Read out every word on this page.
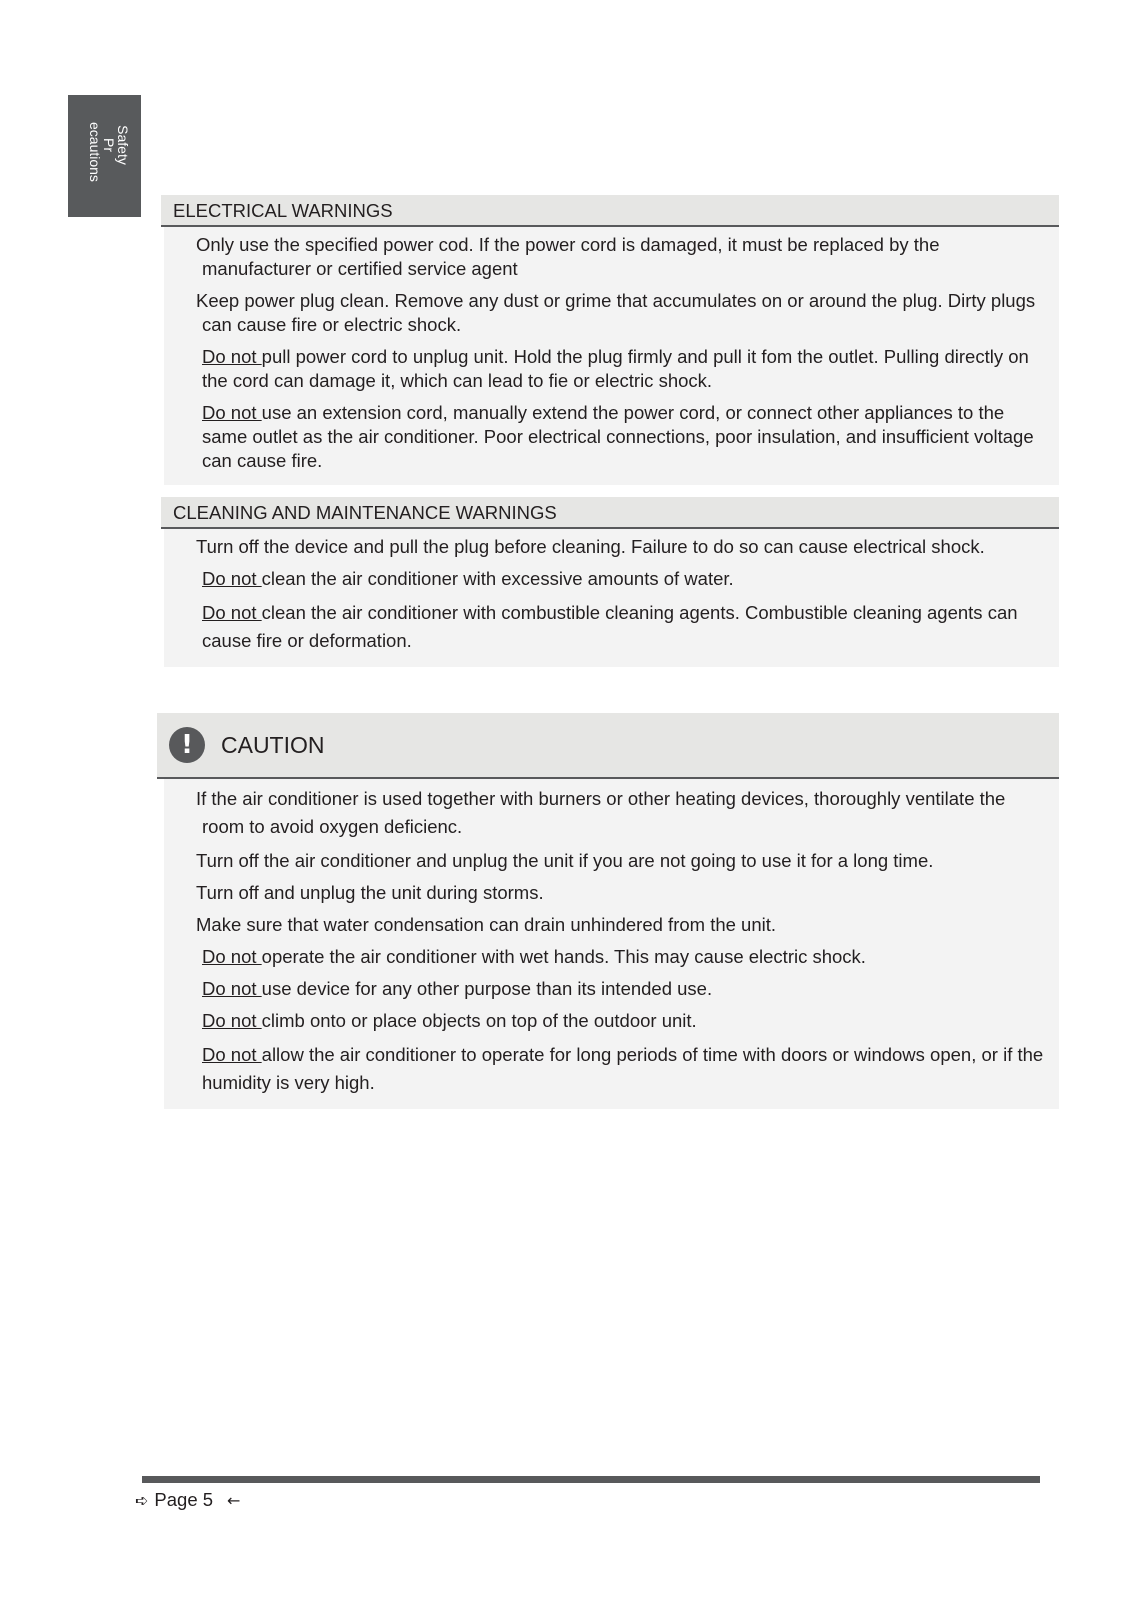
Safety
Pr ecautions
ELECTRICAL WARNINGS
Only use the specified power cod. If the power cord is damaged, it must be replaced by the manufacturer or certified service agent
Keep power plug clean. Remove any dust or grime that accumulates on or around the plug. Dirty plugs can cause fire or electric shock.
Do not pull power cord to unplug unit. Hold the plug firmly and pull it fom the outlet. Pulling directly on the cord can damage it, which can lead to fie or electric shock.
Do not use an extension cord, manually extend the power cord, or connect other appliances to the same outlet as the air conditioner. Poor electrical connections, poor insulation, and insufficient voltage can cause fire.
CLEANING AND MAINTENANCE WARNINGS
Turn off the device and pull the plug before cleaning. Failure to do so can cause electrical shock.
Do not clean the air conditioner with excessive amounts of water.
Do not clean the air conditioner with combustible cleaning agents. Combustible cleaning agents can cause fire or deformation.
!	CAUTION
If the air conditioner is used together with burners or other heating devices, thoroughly ventilate the room to avoid oxygen deficienc.
Turn off the air conditioner and unplug the unit if you are not going to use it for a long time.
Turn off and unplug the unit during storms.
Make sure that water condensation can drain unhindered from the unit.
Do not operate the air conditioner with wet hands. This may cause electric shock.
Do not use device for any other purpose than its intended use.
Do not climb onto or place objects on top of the outdoor unit.
Do not allow the air conditioner to operate for long periods of time with doors or windows open, or if the humidity is very high.
➪ Page 5 ←
